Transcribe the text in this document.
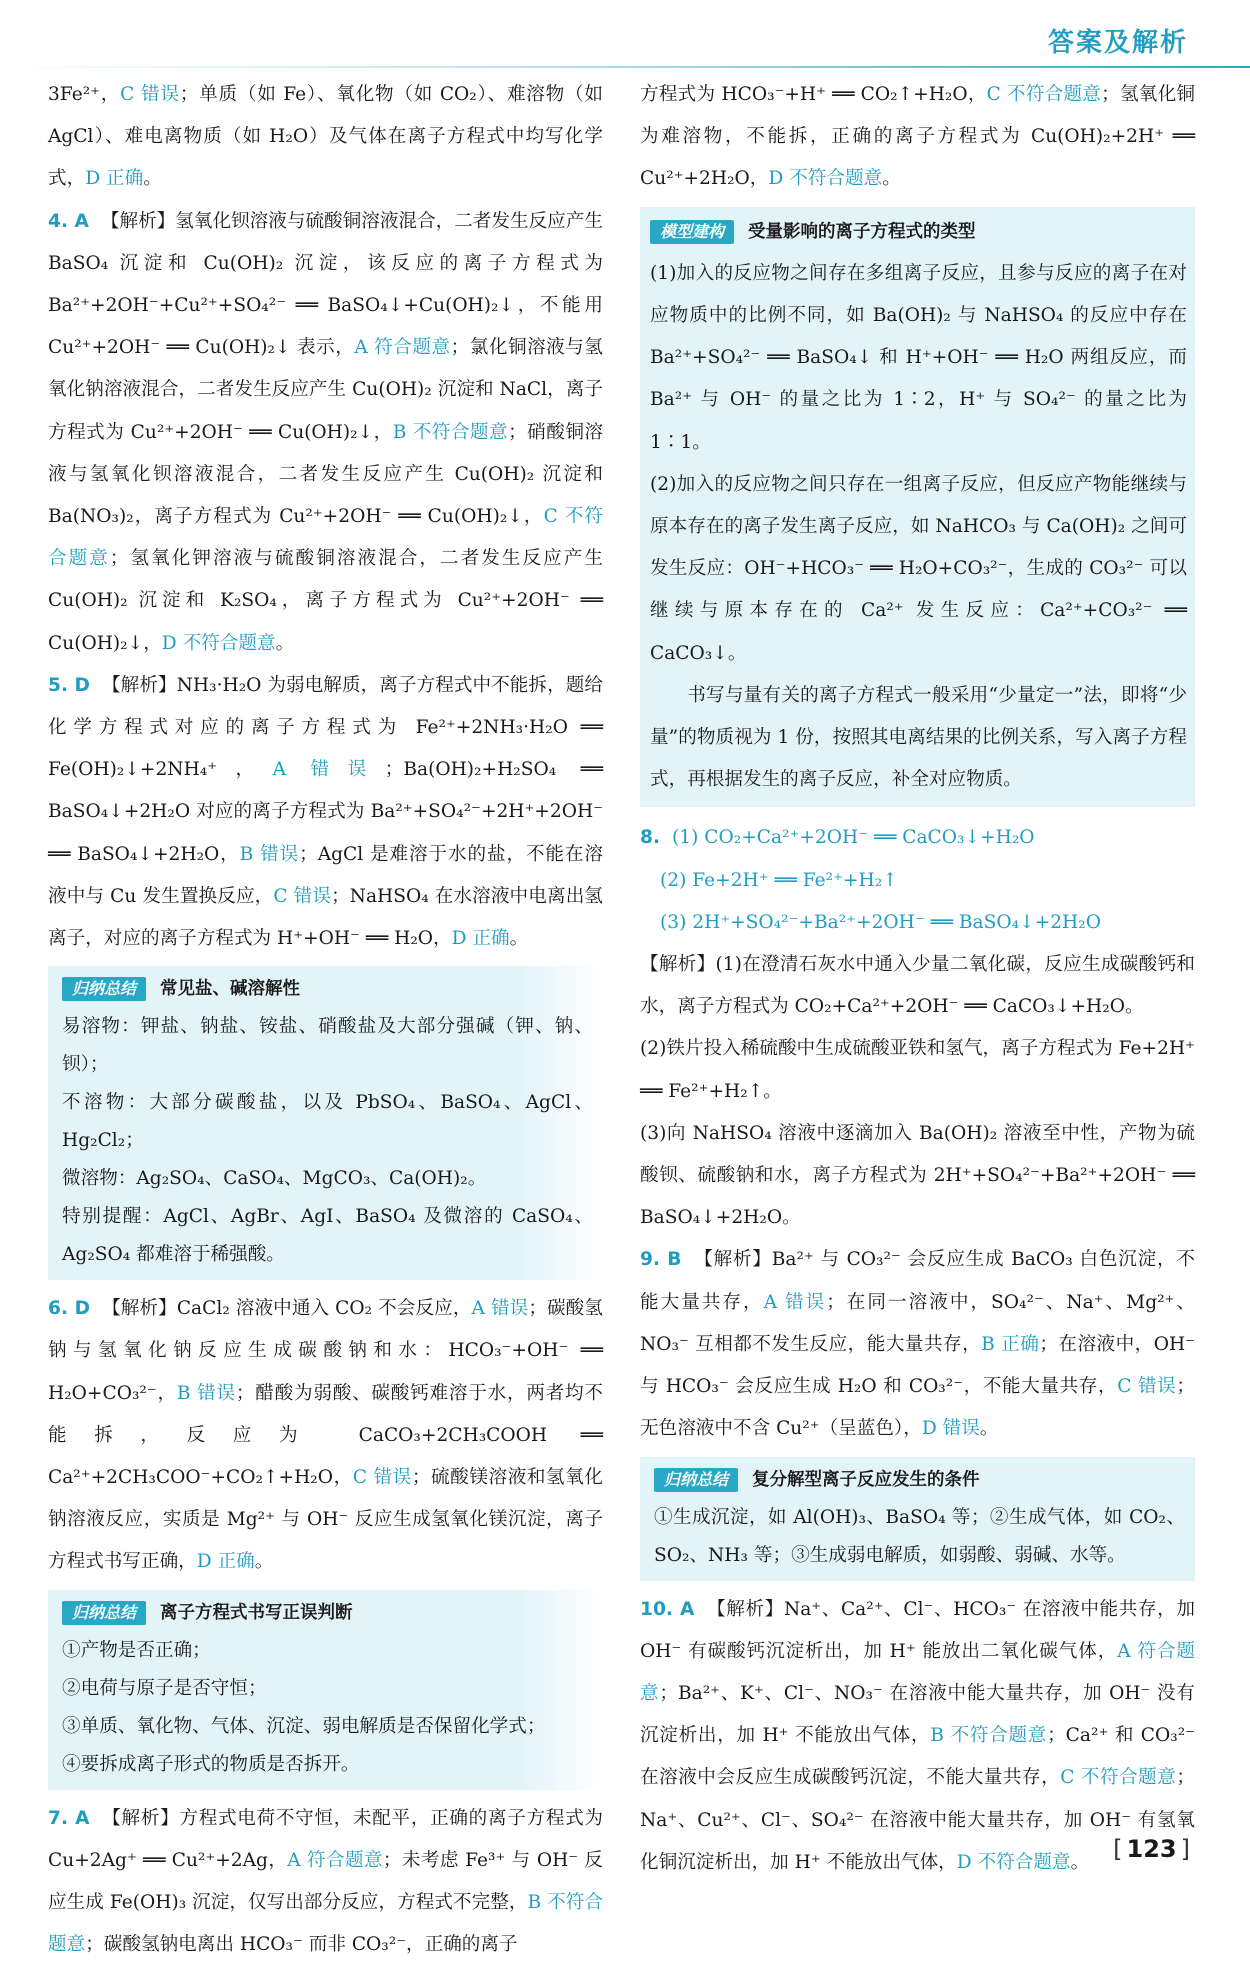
答案及解析

3Fe²⁺，C 错误；单质（如 Fe）、氧化物（如 CO₂）、难溶物（如 AgCl）、难电离物质（如 H₂O）及气体在离子方程式中均写化学式，D 正确。

4. A 【解析】氢氧化钡溶液与硫酸铜溶液混合，二者发生反应产生 BaSO₄ 沉淀和 Cu(OH)₂ 沉淀，该反应的离子方程式为 Ba²⁺+2OH⁻+Cu²⁺+SO₄²⁻ ══ BaSO₄↓+Cu(OH)₂↓，不能用 Cu²⁺+2OH⁻ ══ Cu(OH)₂↓ 表示，A 符合题意；氯化铜溶液与氢氧化钠溶液混合，二者发生反应产生 Cu(OH)₂ 沉淀和 NaCl，离子方程式为 Cu²⁺+2OH⁻ ══ Cu(OH)₂↓，B 不符合题意；硝酸铜溶液与氢氧化钡溶液混合，二者发生反应产生 Cu(OH)₂ 沉淀和 Ba(NO₃)₂，离子方程式为 Cu²⁺+2OH⁻ ══ Cu(OH)₂↓，C 不符合题意；氢氧化钾溶液与硫酸铜溶液混合，二者发生反应产生 Cu(OH)₂ 沉淀和 K₂SO₄，离子方程式为 Cu²⁺+2OH⁻ ══ Cu(OH)₂↓，D 不符合题意。

5. D 【解析】NH₃·H₂O 为弱电解质，离子方程式中不能拆，题给化学方程式对应的离子方程式为 Fe²⁺+2NH₃·H₂O ══ Fe(OH)₂↓+2NH₄⁺，A 错误；Ba(OH)₂+H₂SO₄ ══ BaSO₄↓+2H₂O 对应的离子方程式为 Ba²⁺+SO₄²⁻+2H⁺+2OH⁻ ══ BaSO₄↓+2H₂O，B 错误；AgCl 是难溶于水的盐，不能在溶液中与 Cu 发生置换反应，C 错误；NaHSO₄ 在水溶液中电离出氢离子，对应的离子方程式为 H⁺+OH⁻ ══ H₂O，D 正确。

归纳总结 常见盐、碱溶解性

易溶物：钾盐、钠盐、铵盐、硝酸盐及大部分强碱（钾、钠、钡）；

不溶物：大部分碳酸盐，以及 PbSO₄、BaSO₄、AgCl、Hg₂Cl₂；

微溶物：Ag₂SO₄、CaSO₄、MgCO₃、Ca(OH)₂。

特别提醒：AgCl、AgBr、AgI、BaSO₄ 及微溶的 CaSO₄、Ag₂SO₄ 都难溶于稀强酸。

6. D 【解析】CaCl₂ 溶液中通入 CO₂ 不会反应，A 错误；碳酸氢钠与氢氧化钠反应生成碳酸钠和水：HCO₃⁻+OH⁻ ══ H₂O+CO₃²⁻，B 错误；醋酸为弱酸、碳酸钙难溶于水，两者均不能拆，反应为 CaCO₃+2CH₃COOH ══ Ca²⁺+2CH₃COO⁻+CO₂↑+H₂O，C 错误；硫酸镁溶液和氢氧化钠溶液反应，实质是 Mg²⁺ 与 OH⁻ 反应生成氢氧化镁沉淀，离子方程式书写正确，D 正确。

归纳总结 离子方程式书写正误判断

①产物是否正确；

②电荷与原子是否守恒；

③单质、氧化物、气体、沉淀、弱电解质是否保留化学式；

④要拆成离子形式的物质是否拆开。

7. A 【解析】方程式电荷不守恒，未配平，正确的离子方程式为 Cu+2Ag⁺ ══ Cu²⁺+2Ag，A 符合题意；未考虑 Fe³⁺ 与 OH⁻ 反应生成 Fe(OH)₃ 沉淀，仅写出部分反应，方程式不完整，B 不符合题意；碳酸氢钠电离出 HCO₃⁻ 而非 CO₃²⁻，正确的离子

方程式为 HCO₃⁻+H⁺ ══ CO₂↑+H₂O，C 不符合题意；氢氧化铜为难溶物，不能拆，正确的离子方程式为 Cu(OH)₂+2H⁺ ══ Cu²⁺+2H₂O，D 不符合题意。

模型建构 受量影响的离子方程式的类型

(1)加入的反应物之间存在多组离子反应，且参与反应的离子在对应物质中的比例不同，如 Ba(OH)₂ 与 NaHSO₄ 的反应中存在 Ba²⁺+SO₄²⁻ ══ BaSO₄↓ 和 H⁺+OH⁻ ══ H₂O 两组反应，而 Ba²⁺ 与 OH⁻ 的量之比为 1∶2，H⁺ 与 SO₄²⁻ 的量之比为 1∶1。

(2)加入的反应物之间只存在一组离子反应，但反应产物能继续与原本存在的离子发生离子反应，如 NaHCO₃ 与 Ca(OH)₂ 之间可发生反应：OH⁻+HCO₃⁻ ══ H₂O+CO₃²⁻，生成的 CO₃²⁻ 可以继续与原本存在的 Ca²⁺ 发生反应：Ca²⁺+CO₃²⁻ ══ CaCO₃↓。

书写与量有关的离子方程式一般采用“少量定一”法，即将“少量”的物质视为 1 份，按照其电离结果的比例关系，写入离子方程式，再根据发生的离子反应，补全对应物质。

8. (1) CO₂+Ca²⁺+2OH⁻ ══ CaCO₃↓+H₂O

(2) Fe+2H⁺ ══ Fe²⁺+H₂↑

(3) 2H⁺+SO₄²⁻+Ba²⁺+2OH⁻ ══ BaSO₄↓+2H₂O

【解析】(1)在澄清石灰水中通入少量二氧化碳，反应生成碳酸钙和水，离子方程式为 CO₂+Ca²⁺+2OH⁻ ══ CaCO₃↓+H₂O。

(2)铁片投入稀硫酸中生成硫酸亚铁和氢气，离子方程式为 Fe+2H⁺ ══ Fe²⁺+H₂↑。

(3)向 NaHSO₄ 溶液中逐滴加入 Ba(OH)₂ 溶液至中性，产物为硫酸钡、硫酸钠和水，离子方程式为 2H⁺+SO₄²⁻+Ba²⁺+2OH⁻ ══ BaSO₄↓+2H₂O。

9. B 【解析】Ba²⁺ 与 CO₃²⁻ 会反应生成 BaCO₃ 白色沉淀，不能大量共存，A 错误；在同一溶液中，SO₄²⁻、Na⁺、Mg²⁺、NO₃⁻ 互相都不发生反应，能大量共存，B 正确；在溶液中，OH⁻ 与 HCO₃⁻ 会反应生成 H₂O 和 CO₃²⁻，不能大量共存，C 错误；无色溶液中不含 Cu²⁺（呈蓝色），D 错误。

归纳总结 复分解型离子反应发生的条件

①生成沉淀，如 Al(OH)₃、BaSO₄ 等；②生成气体，如 CO₂、SO₂、NH₃ 等；③生成弱电解质，如弱酸、弱碱、水等。

10. A 【解析】Na⁺、Ca²⁺、Cl⁻、HCO₃⁻ 在溶液中能共存，加 OH⁻ 有碳酸钙沉淀析出，加 H⁺ 能放出二氧化碳气体，A 符合题意；Ba²⁺、K⁺、Cl⁻、NO₃⁻ 在溶液中能大量共存，加 OH⁻ 没有沉淀析出，加 H⁺ 不能放出气体，B 不符合题意；Ca²⁺ 和 CO₃²⁻ 在溶液中会反应生成碳酸钙沉淀，不能大量共存，C 不符合题意；Na⁺、Cu²⁺、Cl⁻、SO₄²⁻ 在溶液中能大量共存，加 OH⁻ 有氢氧化铜沉淀析出，加 H⁺ 不能放出气体，D 不符合题意。 [ 123 ]
